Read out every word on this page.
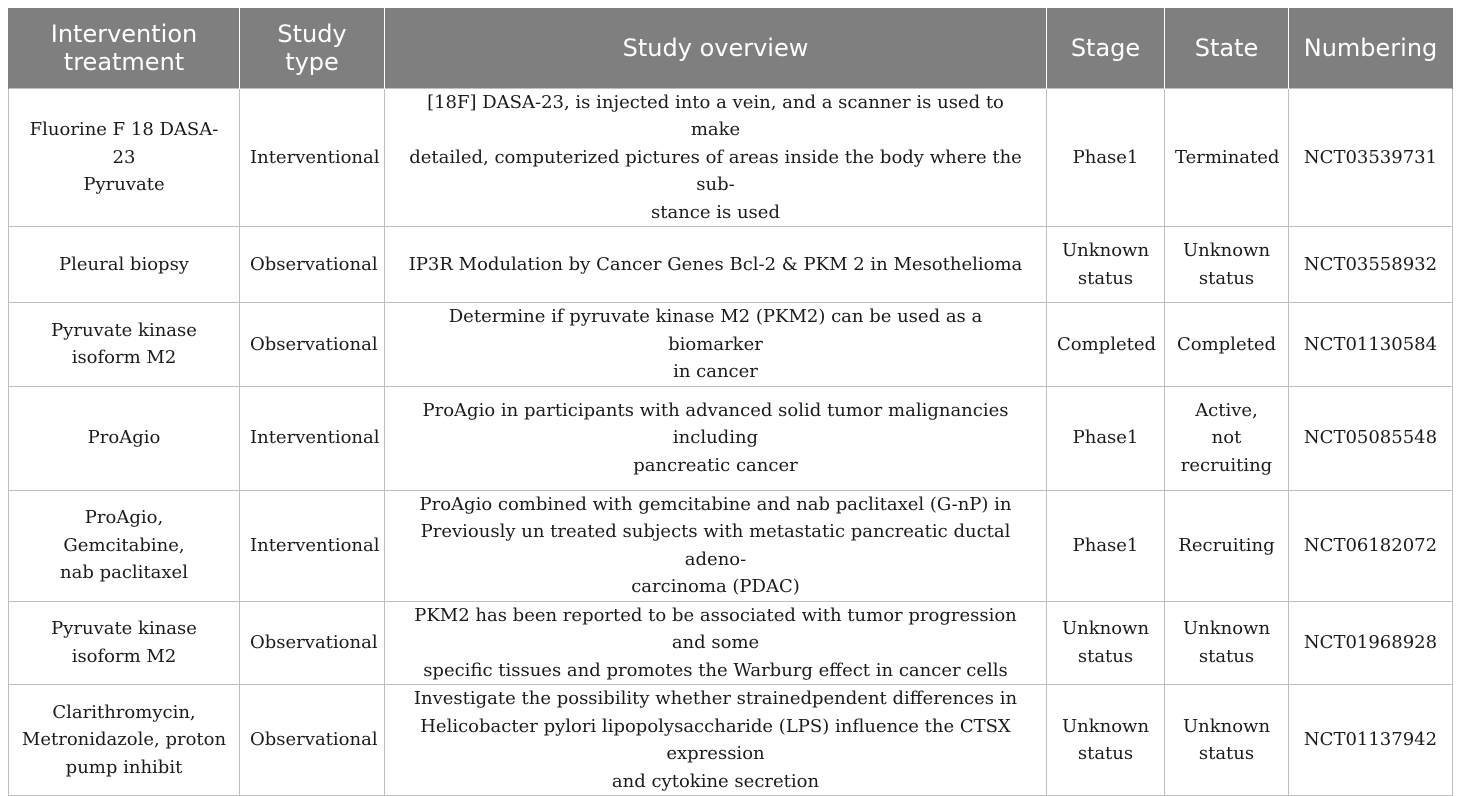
Intervention
treatment	Study
type	Study overview	Stage	State	Numbering

Fluorine F 18 DASA-23
Pyruvate	Interventional	[18F] DASA-23, is injected into a vein, and a scanner is used to make
detailed, computerized pictures of areas inside the body where the sub-
stance is used	Phase1	Terminated	NCT03539731

Pleural biopsy	Observational	IP3R Modulation by Cancer Genes Bcl-2 & PKM 2 in Mesothelioma	Unknown
status	Unknown
status	NCT03558932

Pyruvate kinase
isoform M2	Observational	Determine if pyruvate kinase M2 (PKM2) can be used as a biomarker
in cancer	Completed	Completed	NCT01130584

ProAgio	Interventional	ProAgio in participants with advanced solid tumor malignancies including
pancreatic cancer	Phase1	Active,
not
recruiting	NCT05085548

ProAgio,
Gemcitabine,
nab paclitaxel	Interventional	ProAgio combined with gemcitabine and nab paclitaxel (G-nP) in
Previously un treated subjects with metastatic pancreatic ductal adeno-
carcinoma (PDAC)	Phase1	Recruiting	NCT06182072

Pyruvate kinase
isoform M2	Observational	PKM2 has been reported to be associated with tumor progression and some
specific tissues and promotes the Warburg effect in cancer cells	Unknown
status	Unknown
status	NCT01968928

Clarithromycin,
Metronidazole, proton
pump inhibit	Observational	Investigate the possibility whether strainedpendent differences in
Helicobacter pylori lipopolysaccharide (LPS) influence the CTSX expression
and cytokine secretion	Unknown
status	Unknown
status	NCT01137942
